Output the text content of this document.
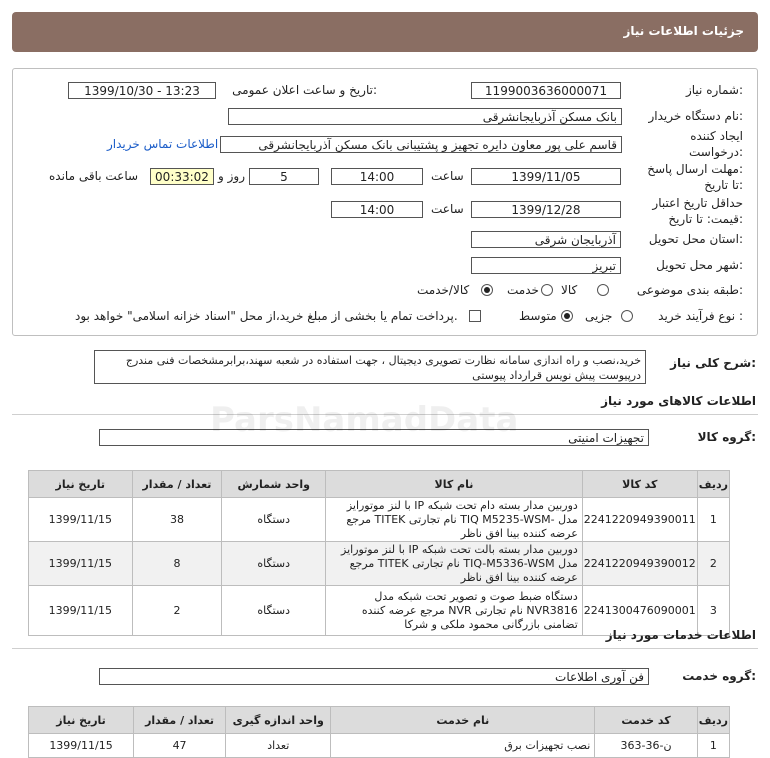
جزئیات اطلاعات نیاز
شماره نیاز:
1199003636000071
تاریخ و ساعت اعلان عمومی:
1399/10/30 - 13:23
نام دستگاه خریدار:
بانک مسکن آذربایجانشرقی
ایجاد کننده
درخواست:
قاسم علی پور معاون دایره تجهیز و پشتیبانی بانک مسکن آذربایجانشرقی
اطلاعات تماس خریدار
مهلت ارسال پاسخ:
تا تاریخ:
1399/11/05
ساعت
14:00
5
روز و
00:33:02
ساعت باقی مانده
حداقل تاریخ اعتبار
قیمت: تا تاریخ:
1399/12/28
ساعت
14:00
استان محل تحویل:
آذربایجان شرقی
شهر محل تحویل:
تبریز
طبقه بندی موضوعی:
کالا
خدمت
کالا/خدمت
نوع فرآیند خرید :
جزیی
متوسط
پرداخت تمام یا بخشی از مبلغ خرید،از محل "اسناد خزانه اسلامی" خواهد بود.
شرح کلی نیاز:
خرید،نصب و راه اندازی سامانه نظارت تصویری دیجیتال ، جهت استفاده در شعبه سهند،برابرمشخصات فنی مندرج درپیوست پیش نویس قرارداد پیوستی
اطلاعات کالاهای مورد نیاز
گروه کالا:
تجهیزات امنیتی
ParsNamadData
ردیف	کد کالا	نام کالا	واحد شمارش	تعداد / مقدار	تاریخ نیاز
1	2241220949390011	دوربین مدار بسته دام تحت شبکه IP با لنز موتورایز مدل -TIQ M5235-WSM نام تجارتی TITEK مرجع عرضه کننده بینا افق ناظر	دستگاه	38	1399/11/15
2	2241220949390012	دوربین مدار بسته بالت تحت شبکه IP با لنز موتورایز مدل TIQ-M5336-WSM نام تجارتی TITEK مرجع عرضه کننده بینا افق ناظر	دستگاه	8	1399/11/15
3	2241300476090001	دستگاه ضبط صوت و تصویر تحت شبکه مدل NVR3816 نام تجارتی NVR مرجع عرضه کننده تضامنی بازرگانی محمود ملکی و شرکا	دستگاه	2	1399/11/15
اطلاعات خدمات مورد نیاز
گروه خدمت:
فن آوری اطلاعات
ردیف	کد خدمت	نام خدمت	واحد اندازه گیری	تعداد / مقدار	تاریخ نیاز
1	ن-36-363	نصب تجهیزات برق	تعداد	47	1399/11/15
